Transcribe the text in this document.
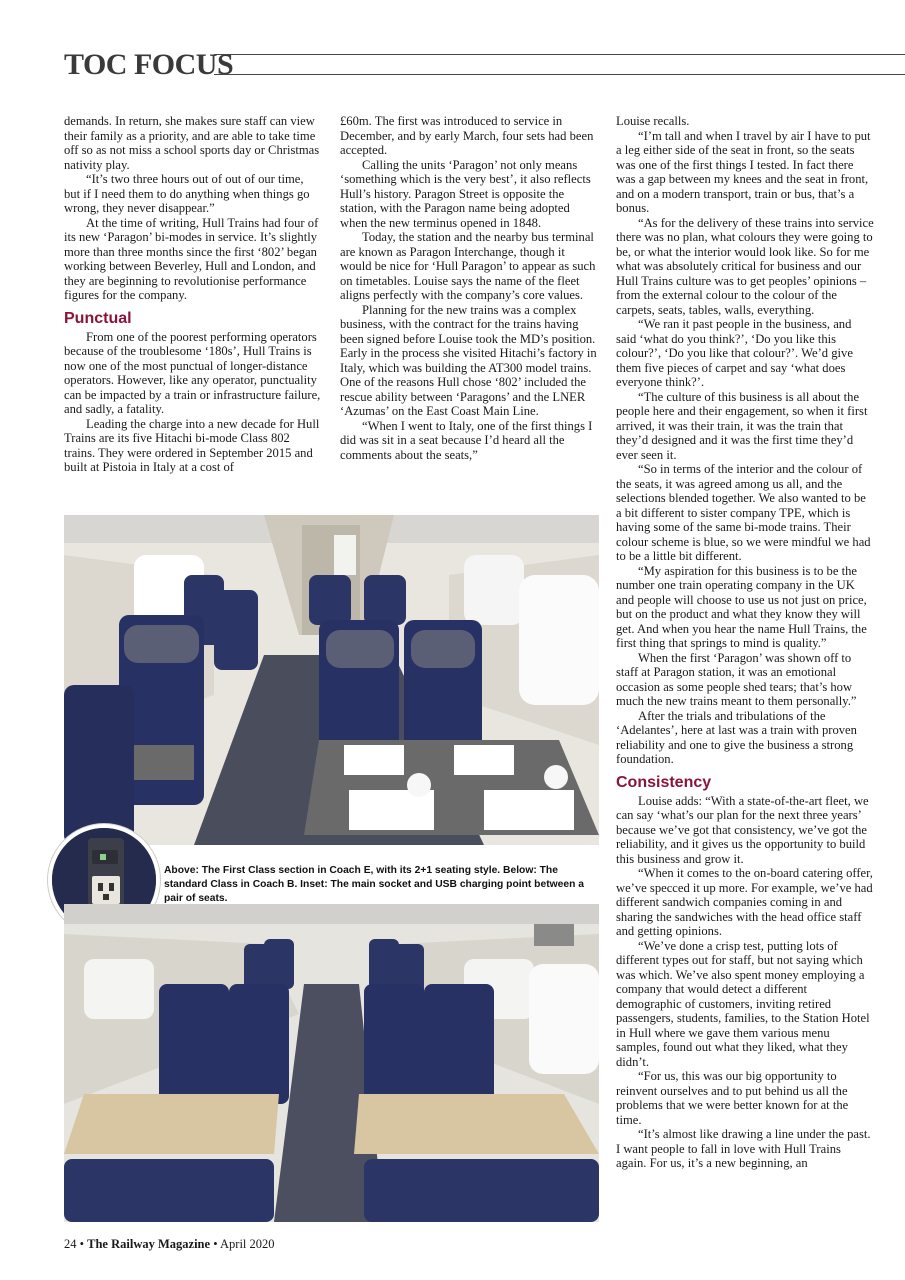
TOC FOCUS

demands. In return, she makes sure staff can view their family as a priority, and are able to take time off so as not miss a school sports day or Christmas nativity play.

“It’s two three hours out of out of our time, but if I need them to do anything when things go wrong, they never disappear.”

At the time of writing, Hull Trains had four of its new ‘Paragon’ bi-modes in service. It’s slightly more than three months since the first ‘802’ began working between Beverley, Hull and London, and they are beginning to revolutionise performance figures for the company.

Punctual

From one of the poorest performing operators because of the troublesome ‘180s’, Hull Trains is now one of the most punctual of longer-distance operators. However, like any operator, punctuality can be impacted by a train or infrastructure failure, and sadly, a fatality.

Leading the charge into a new decade for Hull Trains are its five Hitachi bi-mode Class 802 trains. They were ordered in September 2015 and built at Pistoia in Italy at a cost of

£60m. The first was introduced to service in December, and by early March, four sets had been accepted.

Calling the units ‘Paragon’ not only means ‘something which is the very best’, it also reflects Hull’s history. Paragon Street is opposite the station, with the Paragon name being adopted when the new terminus opened in 1848.

Today, the station and the nearby bus terminal are known as Paragon Interchange, though it would be nice for ‘Hull Paragon’ to appear as such on timetables. Louise says the name of the fleet aligns perfectly with the company’s core values.

Planning for the new trains was a complex business, with the contract for the trains having been signed before Louise took the MD’s position. Early in the process she visited Hitachi’s factory in Italy, which was building the AT300 model trains. One of the reasons Hull chose ‘802’ included the rescue ability between ‘Paragons’ and the LNER ‘Azumas’ on the East Coast Main Line.

“When I went to Italy, one of the first things I did was sit in a seat because I’d heard all the comments about the seats,”

Louise recalls.

“I’m tall and when I travel by air I have to put a leg either side of the seat in front, so the seats was one of the first things I tested. In fact there was a gap between my knees and the seat in front, and on a modern transport, train or bus, that’s a bonus.

“As for the delivery of these trains into service there was no plan, what colours they were going to be, or what the interior would look like. So for me what was absolutely critical for business and our Hull Trains culture was to get peoples’ opinions – from the external colour to the colour of the carpets, seats, tables, walls, everything.

“We ran it past people in the business, and said ‘what do you think?’, ‘Do you like this colour?’, ‘Do you like that colour?’. We’d give them five pieces of carpet and say ‘what does everyone think?’.

“The culture of this business is all about the people here and their engagement, so when it first arrived, it was their train, it was the train that they’d designed and it was the first time they’d ever seen it.

“So in terms of the interior and the colour of the seats, it was agreed among us all, and the selections blended together. We also wanted to be a bit different to sister company TPE, which is having some of the same bi-mode trains. Their colour scheme is blue, so we were mindful we had to be a little bit different.

“My aspiration for this business is to be the number one train operating company in the UK and people will choose to use us not just on price, but on the product and what they know they will get. And when you hear the name Hull Trains, the first thing that springs to mind is quality.”

When the first ‘Paragon’ was shown off to staff at Paragon station, it was an emotional occasion as some people shed tears; that’s how much the new trains meant to them personally.”

After the trials and tribulations of the ‘Adelantes’, here at last was a train with proven reliability and one to give the business a strong foundation.

Consistency

Louise adds: “With a state-of-the-art fleet, we can say ‘what’s our plan for the next three years’ because we’ve got that consistency, we’ve got the reliability, and it gives us the opportunity to build this business and grow it.

“When it comes to the on-board catering offer, we’ve specced it up more. For example, we’ve had different sandwich companies coming in and sharing the sandwiches with the head office staff and getting opinions.

“We’ve done a crisp test, putting lots of different types out for staff, but not saying which was which. We’ve also spent money employing a company that would detect a different demographic of customers, inviting retired passengers, students, families, to the Station Hotel in Hull where we gave them various menu samples, found out what they liked, what they didn’t.

“For us, this was our big opportunity to reinvent ourselves and to put behind us all the problems that we were better known for at the time.

“It’s almost like drawing a line under the past. I want people to fall in love with Hull Trains again. For us, it’s a new beginning, an

Above: The First Class section in Coach E, with its 2+1 seating style. Below: The standard Class in Coach B. Inset: The main socket and USB charging point between a pair of seats.
24 • The Railway Magazine • April 2020
